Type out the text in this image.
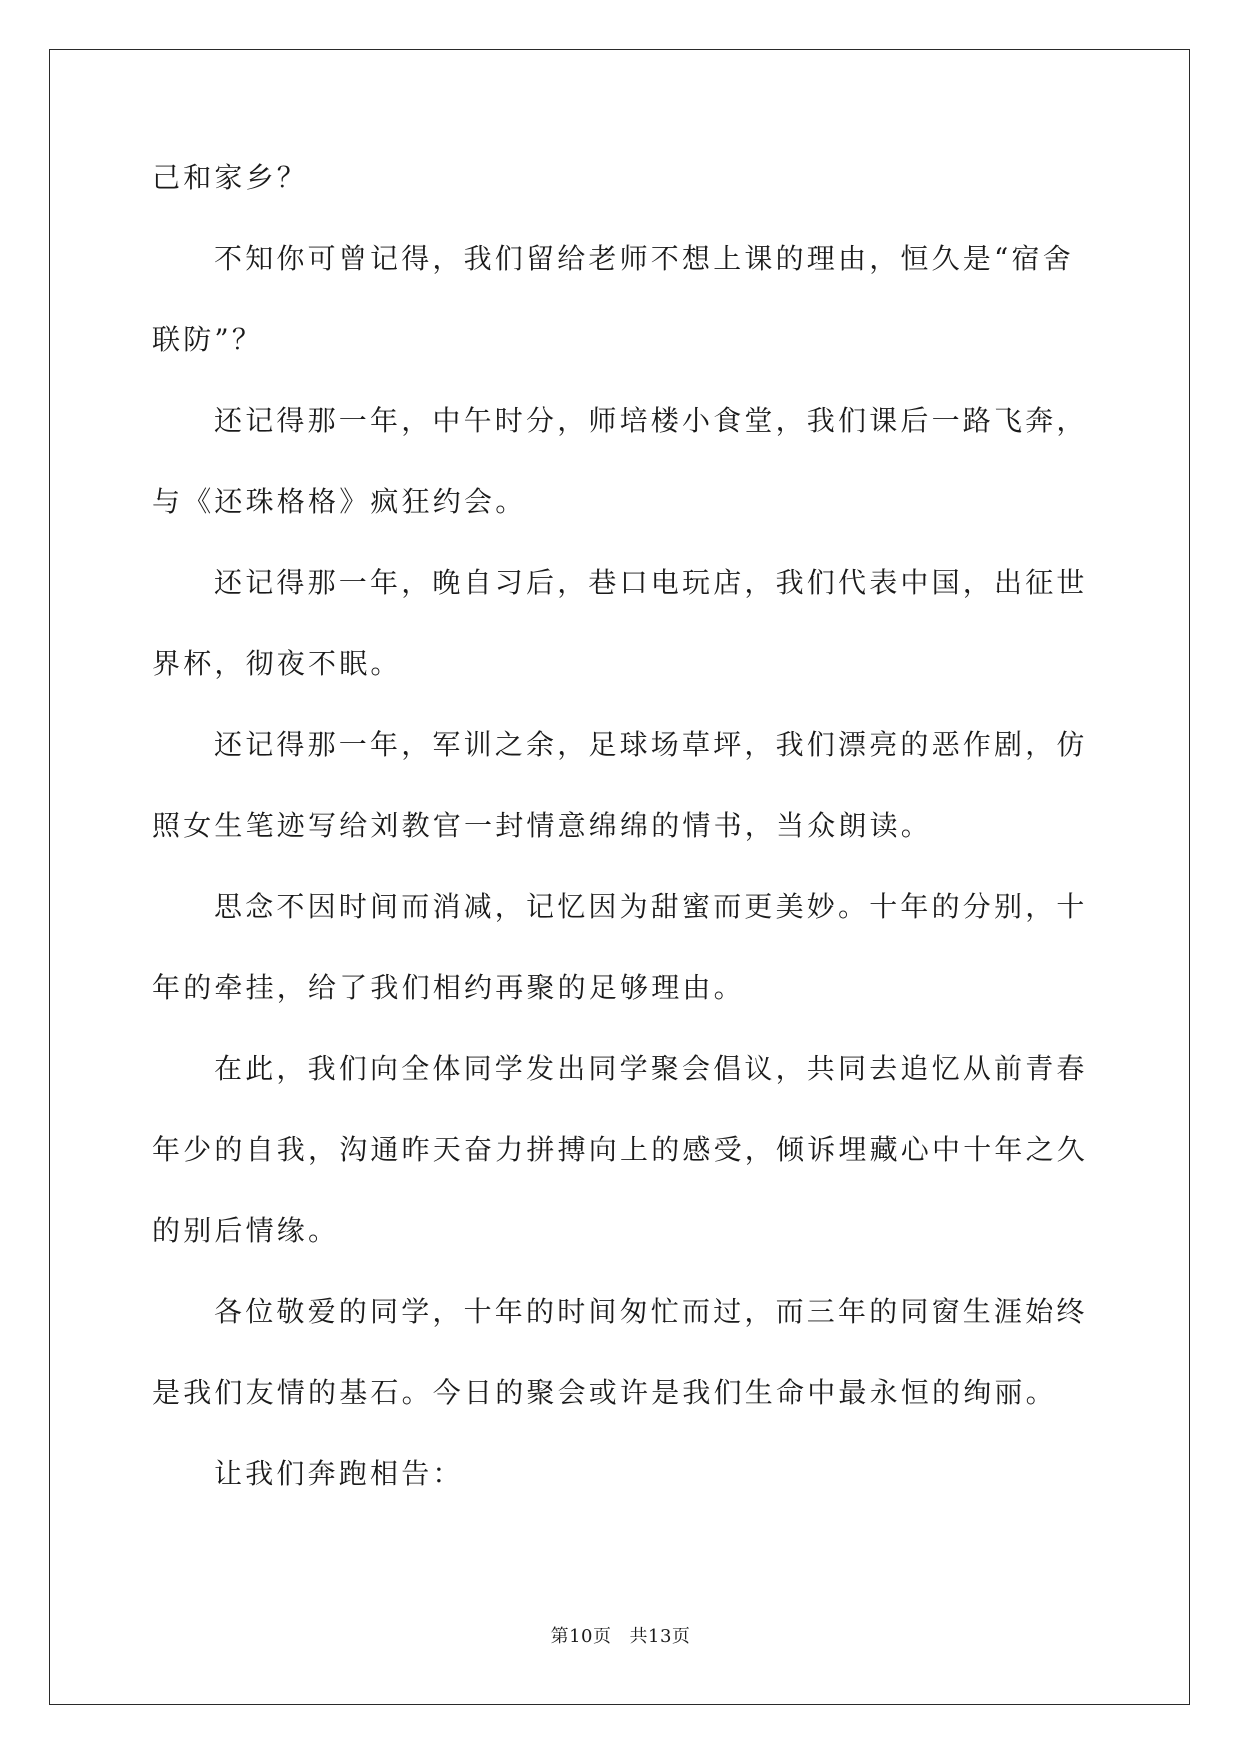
己和家乡？
不知你可曾记得，我们留给老师不想上课的理由，恒久是“宿舍
联防”？
还记得那一年，中午时分，师培楼小食堂，我们课后一路飞奔，
与《还珠格格》疯狂约会。
还记得那一年，晚自习后，巷口电玩店，我们代表中国，出征世
界杯，彻夜不眠。
还记得那一年，军训之余，足球场草坪，我们漂亮的恶作剧，仿
照女生笔迹写给刘教官一封情意绵绵的情书，当众朗读。
思念不因时间而消减，记忆因为甜蜜而更美妙。十年的分别，十
年的牵挂，给了我们相约再聚的足够理由。
在此，我们向全体同学发出同学聚会倡议，共同去追忆从前青春
年少的自我，沟通昨天奋力拼搏向上的感受，倾诉埋藏心中十年之久
的别后情缘。
各位敬爱的同学，十年的时间匆忙而过，而三年的同窗生涯始终
是我们友情的基石。今日的聚会或许是我们生命中最永恒的绚丽。
让我们奔跑相告：
第10页 共13页
